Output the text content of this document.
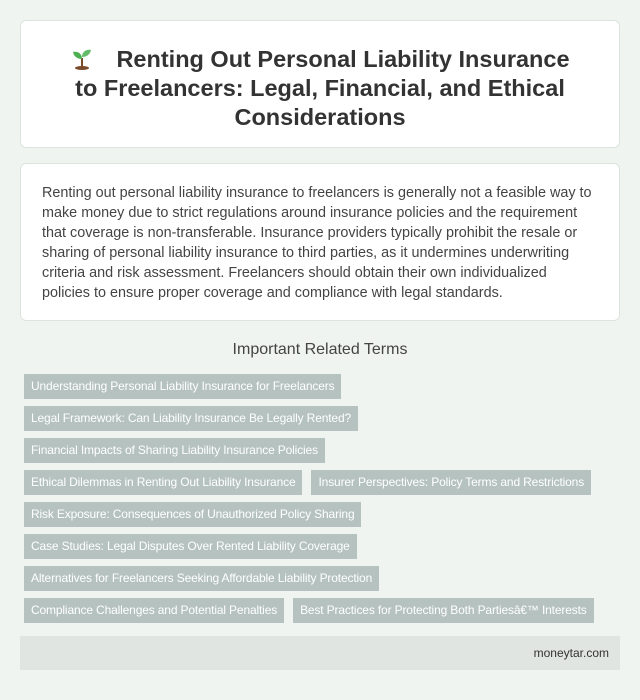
Renting Out Personal Liability Insurance to Freelancers: Legal, Financial, and Ethical Considerations

Renting out personal liability insurance to freelancers is generally not a feasible way to make money due to strict regulations around insurance policies and the requirement that coverage is non-transferable. Insurance providers typically prohibit the resale or sharing of personal liability insurance to third parties, as it undermines underwriting criteria and risk assessment. Freelancers should obtain their own individualized policies to ensure proper coverage and compliance with legal standards.

Important Related Terms
Understanding Personal Liability Insurance for Freelancers
Legal Framework: Can Liability Insurance Be Legally Rented?
Financial Impacts of Sharing Liability Insurance Policies
Ethical Dilemmas in Renting Out Liability Insurance	Insurer Perspectives: Policy Terms and Restrictions
Risk Exposure: Consequences of Unauthorized Policy Sharing
Case Studies: Legal Disputes Over Rented Liability Coverage
Alternatives for Freelancers Seeking Affordable Liability Protection
Compliance Challenges and Potential Penalties	Best Practices for Protecting Both Partiesâ€™ Interests
moneytar.com
